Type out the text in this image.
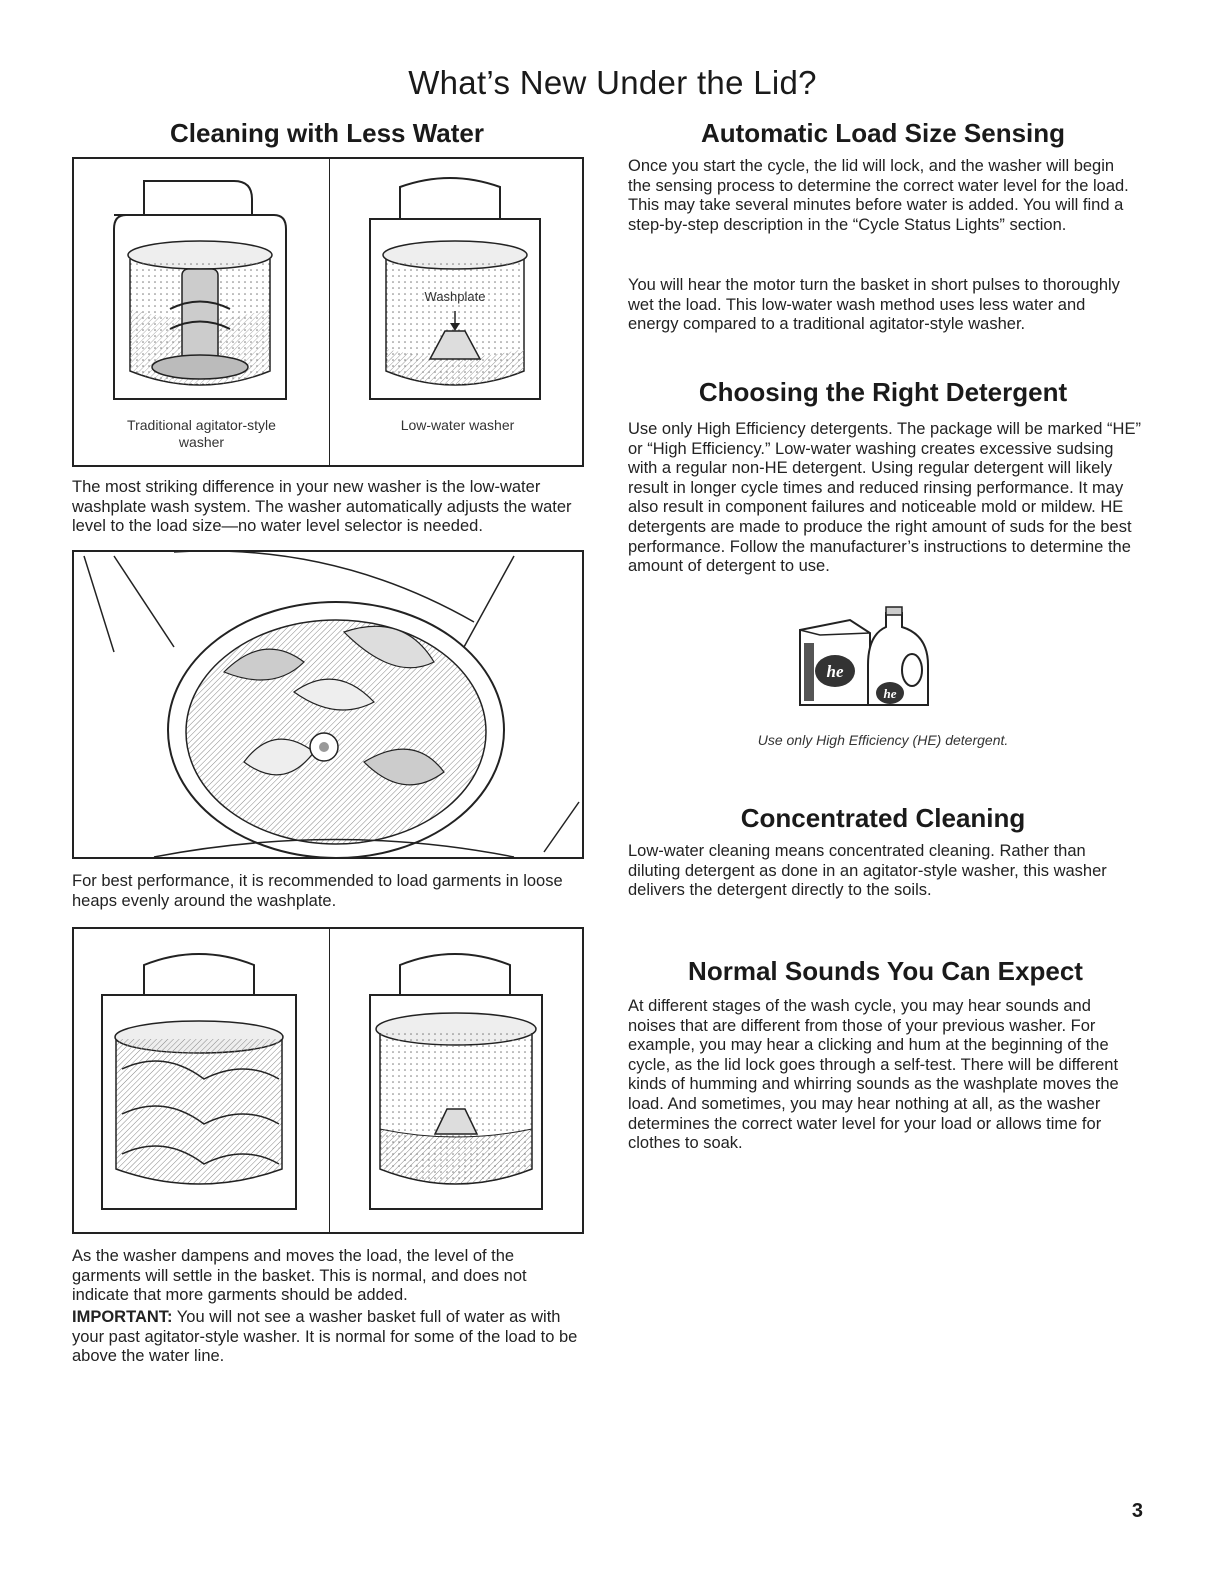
What’s New Under the Lid?
Cleaning with Less Water
Washplate
Traditional agitator-style washer
Low-water washer

The most striking difference in your new washer is the low-water washplate wash system. The washer automatically adjusts the water level to the load size—no water level selector is needed.

For best performance, it is recommended to load garments in loose heaps evenly around the washplate.

As the washer dampens and moves the load, the level of the garments will settle in the basket. This is normal, and does not indicate that more garments should be added.

IMPORTANT: You will not see a washer basket full of water as with your past agitator-style washer. It is normal for some of the load to be above the water line.

Automatic Load Size Sensing

Once you start the cycle, the lid will lock, and the washer will begin the sensing process to determine the correct water level for the load. This may take several minutes before water is added. You will find a step-by-step description in the “Cycle Status Lights” section.

You will hear the motor turn the basket in short pulses to thoroughly wet the load. This low-water wash method uses less water and energy compared to a traditional agitator-style washer.

Choosing the Right Detergent

Use only High Efficiency detergents. The package will be marked “HE” or “High Efficiency.” Low-water washing creates excessive sudsing with a regular non-HE detergent. Using regular detergent will likely result in longer cycle times and reduced rinsing performance. It may also result in component failures and noticeable mold or mildew. HE detergents are made to produce the right amount of suds for the best performance. Follow the manufacturer’s instructions to determine the amount of detergent to use.

he
he
Use only High Efficiency (HE) detergent.
Concentrated Cleaning

Low-water cleaning means concentrated cleaning. Rather than diluting detergent as done in an agitator-style washer, this washer delivers the detergent directly to the soils.

Normal Sounds You Can Expect

At different stages of the wash cycle, you may hear sounds and noises that are different from those of your previous washer. For example, you may hear a clicking and hum at the beginning of the cycle, as the lid lock goes through a self-test. There will be different kinds of humming and whirring sounds as the washplate moves the load. And sometimes, you may hear nothing at all, as the washer determines the correct water level for your load or allows time for clothes to soak.

3
